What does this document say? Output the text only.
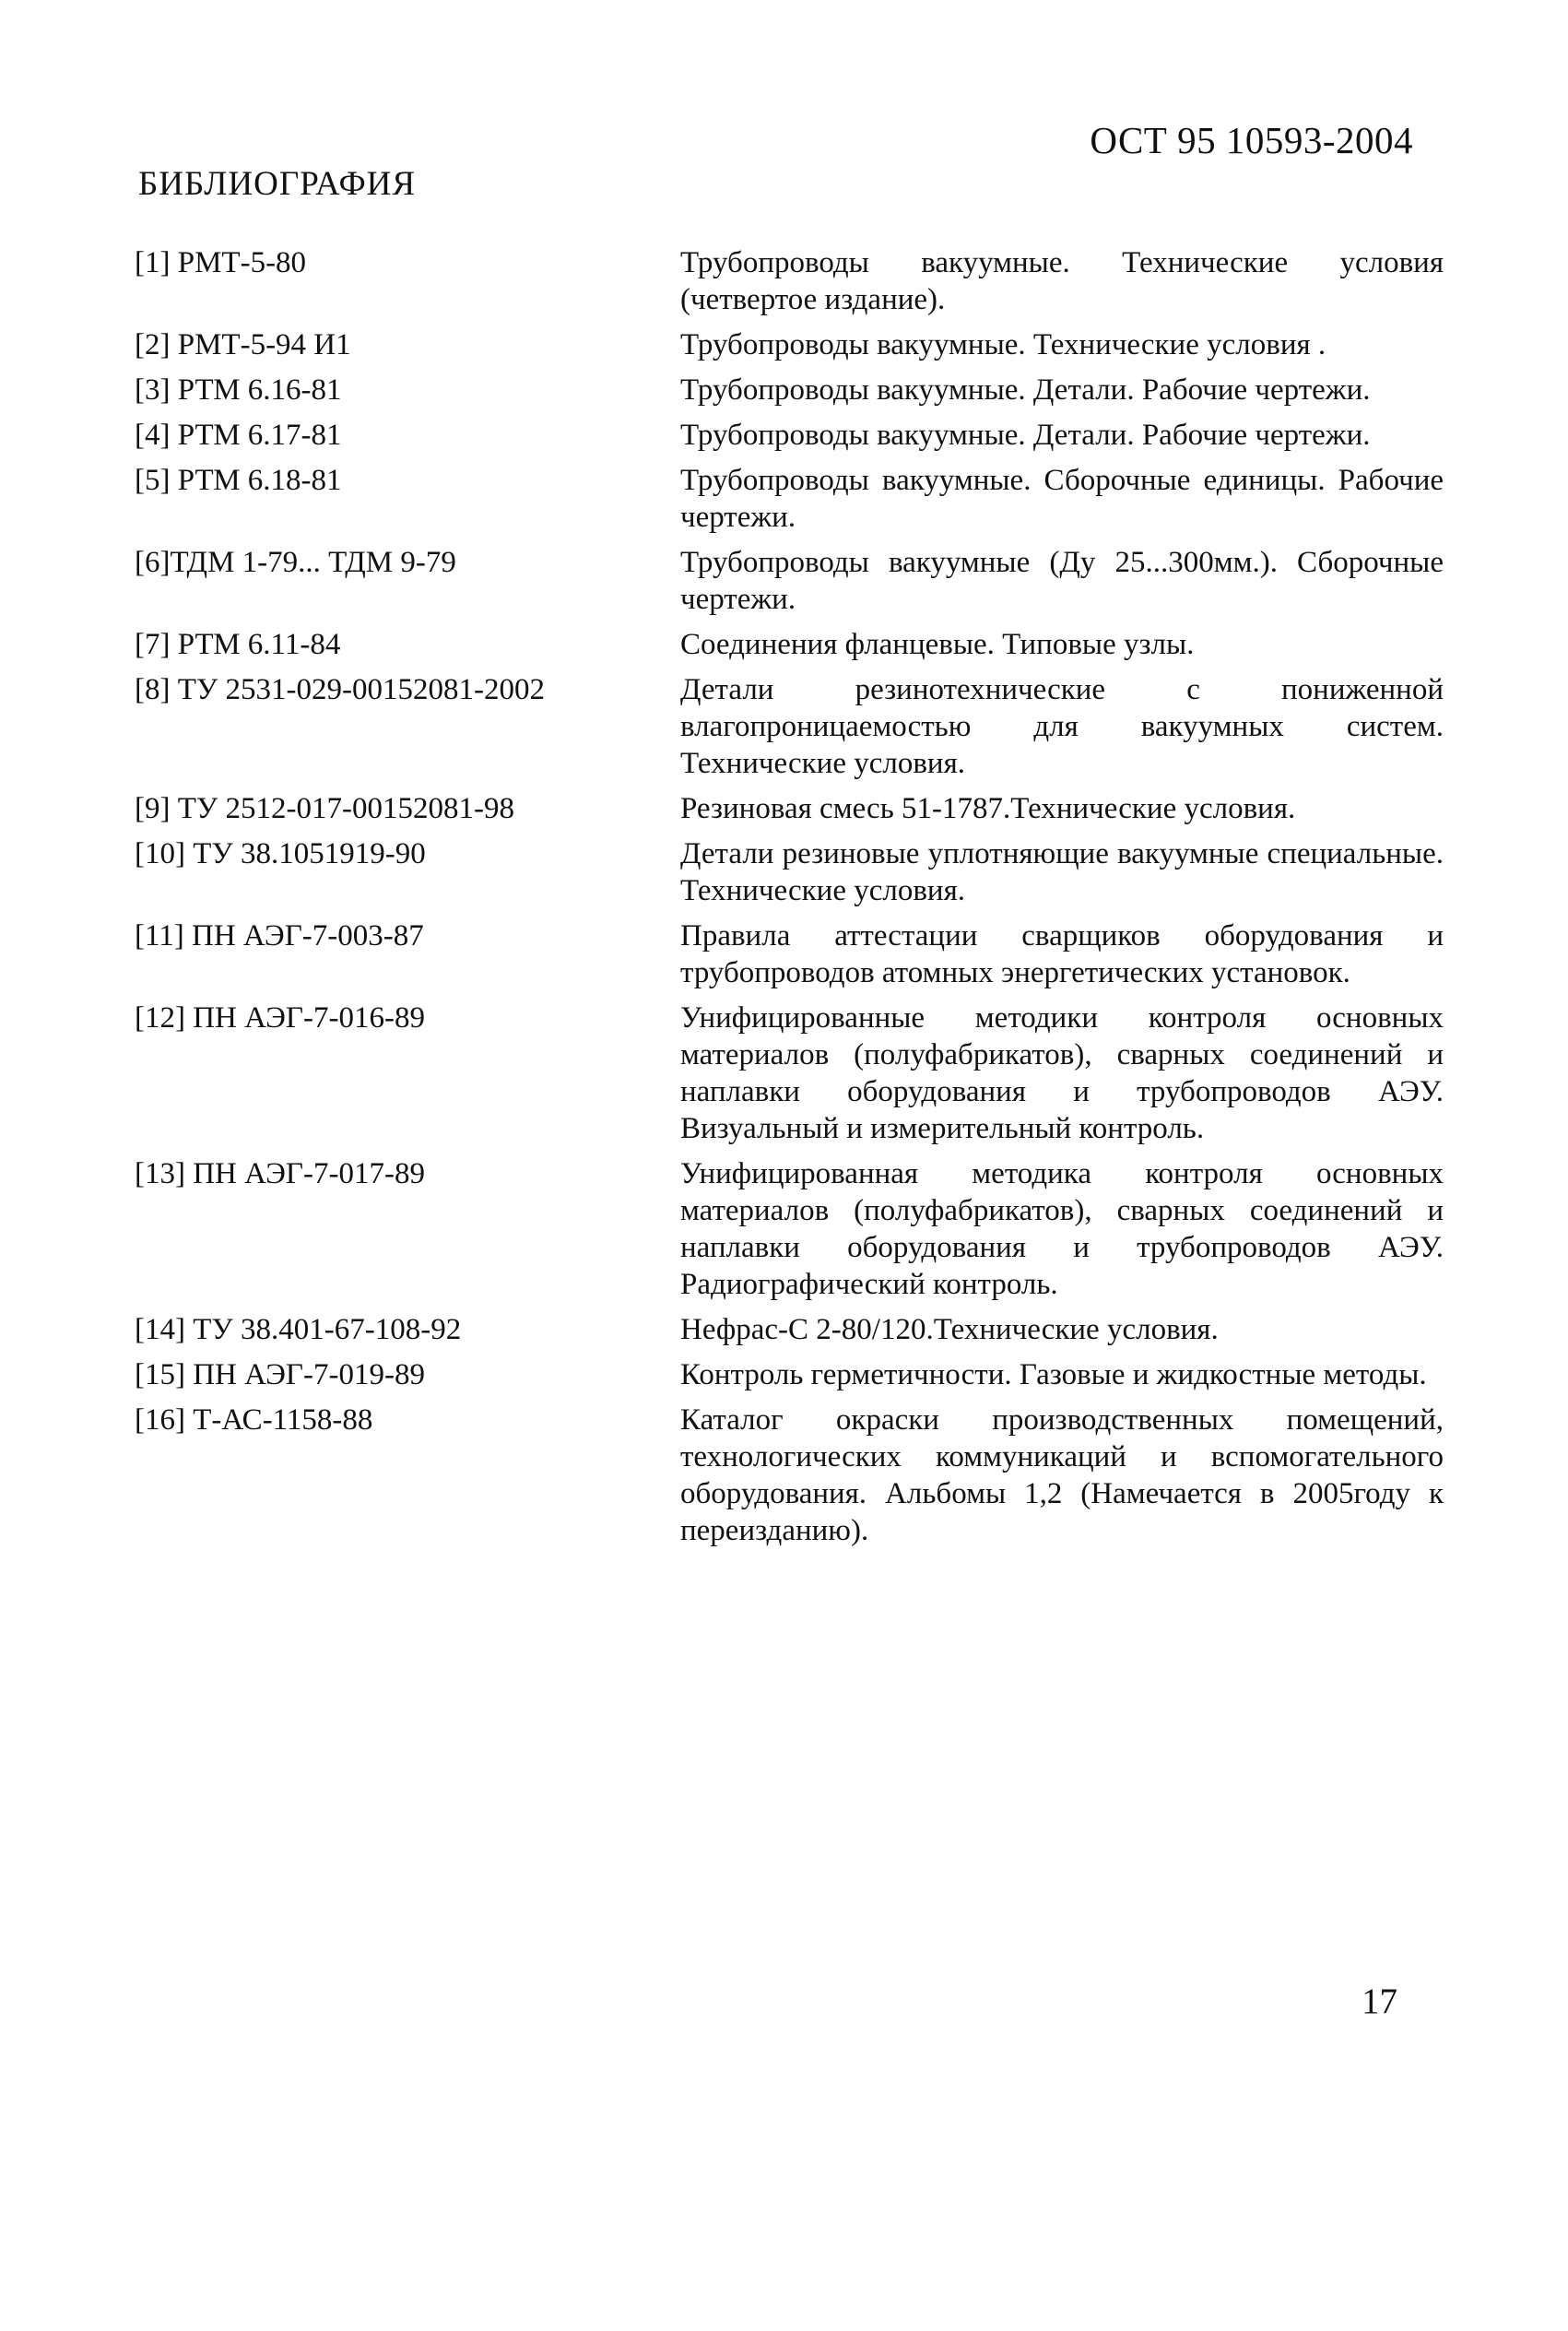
ОСТ 95 10593-2004
БИБЛИОГРАФИЯ
[1] РМТ-5-80	Трубопроводы вакуумные. Технические условия (четвертое издание).
[2] РМТ-5-94 И1	Трубопроводы вакуумные. Технические условия .
[3] РТМ 6.16-81	Трубопроводы вакуумные. Детали. Рабочие чертежи.
[4] РТМ 6.17-81	Трубопроводы вакуумные. Детали. Рабочие чертежи.
[5] РТМ 6.18-81	Трубопроводы вакуумные. Сборочные единицы. Рабочие чертежи.
[6]ТДМ 1-79... ТДМ 9-79	Трубопроводы вакуумные (Ду 25...300мм.). Сборочные чертежи.
[7] РТМ 6.11-84	Соединения фланцевые. Типовые узлы.
[8] ТУ 2531-029-00152081-2002	Детали резинотехнические с пониженной влагопроницаемостью для вакуумных систем. Технические условия.
[9] ТУ 2512-017-00152081-98	Резиновая смесь 51-1787.Технические условия.
[10] ТУ 38.1051919-90	Детали резиновые уплотняющие вакуумные специальные. Технические условия.
[11] ПН АЭГ-7-003-87	Правила аттестации сварщиков оборудования и трубопроводов атомных энергетических установок.
[12] ПН АЭГ-7-016-89	Унифицированные методики контроля основных материалов (полуфабрикатов), сварных соединений и наплавки оборудования и трубопроводов АЭУ. Визуальный и измерительный контроль.
[13] ПН АЭГ-7-017-89	Унифицированная методика контроля основных материалов (полуфабрикатов), сварных соединений и наплавки оборудования и трубопроводов АЭУ. Радиографический контроль.
[14] ТУ 38.401-67-108-92	Нефрас-С 2-80/120.Технические условия.
[15] ПН АЭГ-7-019-89	Контроль герметичности. Газовые и жидкостные методы.
[16] Т-АС-1158-88	Каталог окраски производственных помещений, технологических коммуникаций и вспомогательного оборудования. Альбомы 1,2 (Намечается в 2005году к переизданию).
17
